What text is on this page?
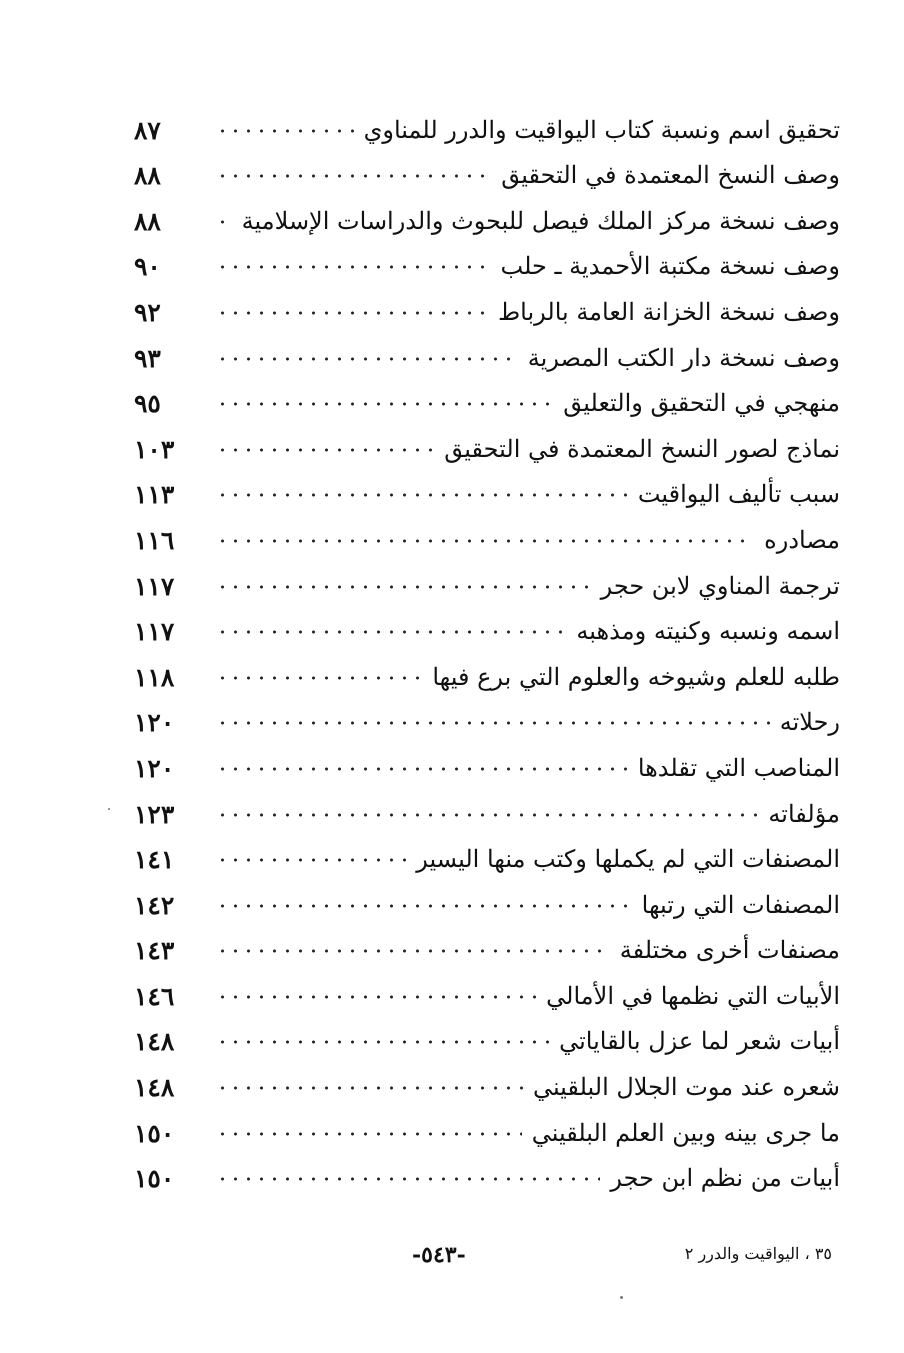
٨٧	تحقيق اسم ونسبة كتاب اليواقيت والدرر للمناوي
٨٨	وصف النسخ المعتمدة في التحقيق
٨٨	وصف نسخة مركز الملك فيصل للبحوث والدراسات الإسلامية
٩٠	وصف نسخة مكتبة الأحمدية ـ حلب
٩٢	وصف نسخة الخزانة العامة بالرباط
٩٣	وصف نسخة دار الكتب المصرية
٩٥	منهجي في التحقيق والتعليق
١٠٣	نماذج لصور النسخ المعتمدة في التحقيق
١١٣	سبب تأليف اليواقيت
١١٦	مصادره
١١٧	ترجمة المناوي لابن حجر
١١٧	اسمه ونسبه وكنيته ومذهبه
١١٨	طلبه للعلم وشيوخه والعلوم التي برع فيها
١٢٠	رحلاته
١٢٠	المناصب التي تقلدها
١٢٣	مؤلفاته
١٤١	المصنفات التي لم يكملها وكتب منها اليسير
١٤٢	المصنفات التي رتبها
١٤٣	مصنفات أخرى مختلفة
١٤٦	الأبيات التي نظمها في الأمالي
١٤٨	أبيات شعر لما عزل بالقاياتي
١٤٨	شعره عند موت الجلال البلقيني
١٥٠	ما جرى بينه وبين العلم البلقيني
١٥٠	أبيات من نظم ابن حجر
-٥٤٣-	٣٥ ، اليواقيت والدرر ٢
